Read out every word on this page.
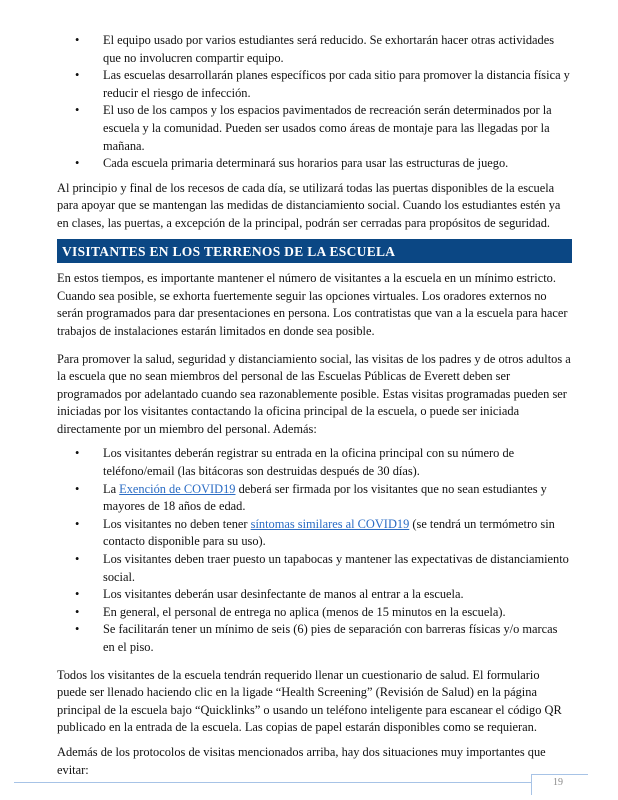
• El equipo usado por varios estudiantes será reducido. Se exhortarán hacer otras actividades que no involucren compartir equipo.
• Las escuelas desarrollarán planes específicos por cada sitio para promover la distancia física y reducir el riesgo de infección.
• El uso de los campos y los espacios pavimentados de recreación serán determinados por la escuela y la comunidad. Pueden ser usados como áreas de montaje para las llegadas por la mañana.
• Cada escuela primaria determinará sus horarios para usar las estructuras de juego.

Al principio y final de los recesos de cada día, se utilizará todas las puertas disponibles de la escuela para apoyar que se mantengan las medidas de distanciamiento social. Cuando los estudiantes estén ya en clases, las puertas, a excepción de la principal, podrán ser cerradas para propósitos de seguridad.

VISITANTES EN LOS TERRENOS DE LA ESCUELA

En estos tiempos, es importante mantener el número de visitantes a la escuela en un mínimo estricto. Cuando sea posible, se exhorta fuertemente seguir las opciones virtuales. Los oradores externos no serán programados para dar presentaciones en persona. Los contratistas que van a la escuela para hacer trabajos de instalaciones estarán limitados en donde sea posible.

Para promover la salud, seguridad y distanciamiento social, las visitas de los padres y de otros adultos a la escuela que no sean miembros del personal de las Escuelas Públicas de Everett deben ser programados por adelantado cuando sea razonablemente posible. Estas visitas programadas pueden ser iniciadas por los visitantes contactando la oficina principal de la escuela, o puede ser iniciada directamente por un miembro del personal. Además:

• Los visitantes deberán registrar su entrada en la oficina principal con su número de teléfono/email (las bitácoras son destruidas después de 30 días).
• La Exención de COVID19 deberá ser firmada por los visitantes que no sean estudiantes y mayores de 18 años de edad.
• Los visitantes no deben tener síntomas similares al COVID19 (se tendrá un termómetro sin contacto disponible para su uso).
• Los visitantes deben traer puesto un tapabocas y mantener las expectativas de distanciamiento social.
• Los visitantes deberán usar desinfectante de manos al entrar a la escuela.
• En general, el personal de entrega no aplica (menos de 15 minutos en la escuela).
• Se facilitarán tener un mínimo de seis (6) pies de separación con barreras físicas y/o marcas en el piso.

Todos los visitantes de la escuela tendrán requerido llenar un cuestionario de salud. El formulario puede ser llenado haciendo clic en la ligade “Health Screening” (Revisión de Salud) en la página principal de la escuela bajo “Quicklinks” o usando un teléfono inteligente para escanear el código QR publicado en la entrada de la escuela. Las copias de papel estarán disponibles como se requieran.

Además de los protocolos de visitas mencionados arriba, hay dos situaciones muy importantes que evitar:

19
